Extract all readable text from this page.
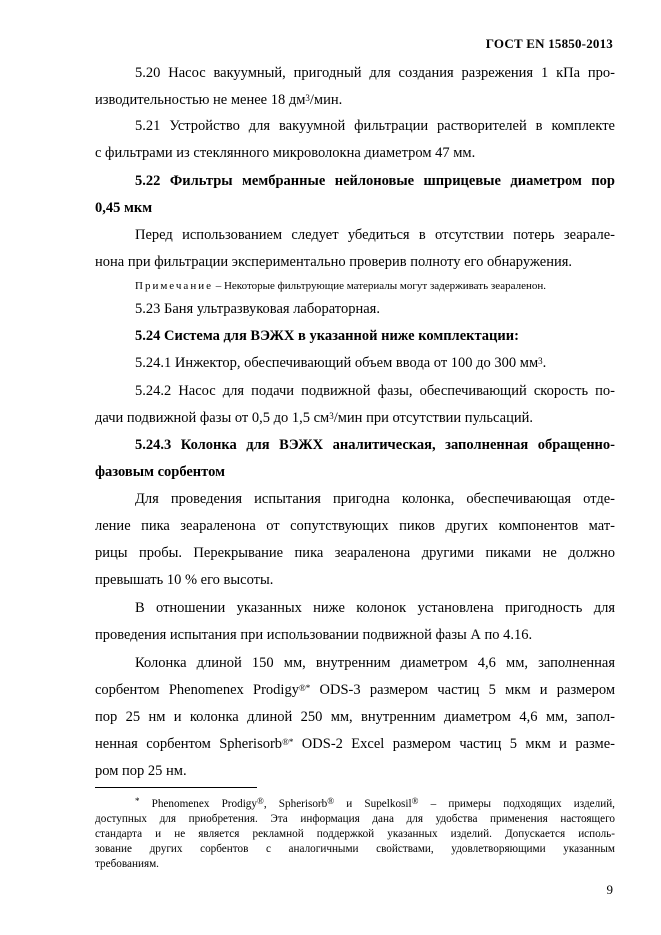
ГОСТ EN 15850-2013
5.20 Насос вакуумный, пригодный для создания разрежения 1 кПа про-
изводительностью не менее 18 $дм^3$/мин.
5.21 Устройство для вакуумной фильтрации растворителей в комплекте
с фильтрами из стеклянного микроволокна диаметром 47 мм.
5.22 Фильтры мембранные нейлоновые шприцевые диаметром пор
0,45 мкм
Перед использованием следует убедиться в отсутствии потерь зеарале-
нона при фильтрации экспериментально проверив полноту его обнаружения.
Примечание – Некоторые фильтрующие материалы могут задерживать зеараленон.
5.23 Баня ультразвуковая лабораторная.
5.24 Система для ВЭЖХ в указанной ниже комплектации:
5.24.1 Инжектор, обеспечивающий объем ввода от 100 до 300 $мм^3$.
5.24.2 Насос для подачи подвижной фазы, обеспечивающий скорость по-
дачи подвижной фазы от 0,5 до 1,5 $см^3$/мин при отсутствии пульсаций.
5.24.3 Колонка для ВЭЖХ аналитическая, заполненная обращенно-
фазовым сорбентом
Для проведения испытания пригодна колонка, обеспечивающая отде-
ление пика зеараленона от сопутствующих пиков других компонентов мат-
рицы пробы. Перекрывание пика зеараленона другими пиками не должно
превышать 10 % его высоты.
В отношении указанных ниже колонок установлена пригодность для
проведения испытания при использовании подвижной фазы А по 4.16.
Колонка длиной 150 мм, внутренним диаметром 4,6 мм, заполненная
сорбентом Phenomenex Prodigy®* ODS-3 размером частиц 5 мкм и размером
пор 25 нм и колонка длиной 250 мм, внутренним диаметром 4,6 мм, запол-
ненная сорбентом Spherisorb®* ODS-2 Excel размером частиц 5 мкм и разме-
ром пор 25 нм.
* Phenomenex Prodigy®, Spherisorb® и Supelkosil® – примеры подходящих изделий,
доступных для приобретения. Эта информация дана для удобства применения настоящего
стандарта и не является рекламной поддержкой указанных изделий. Допускается исполь-
зование других сорбентов с аналогичными свойствами, удовлетворяющими указанным
требованиям.
9
